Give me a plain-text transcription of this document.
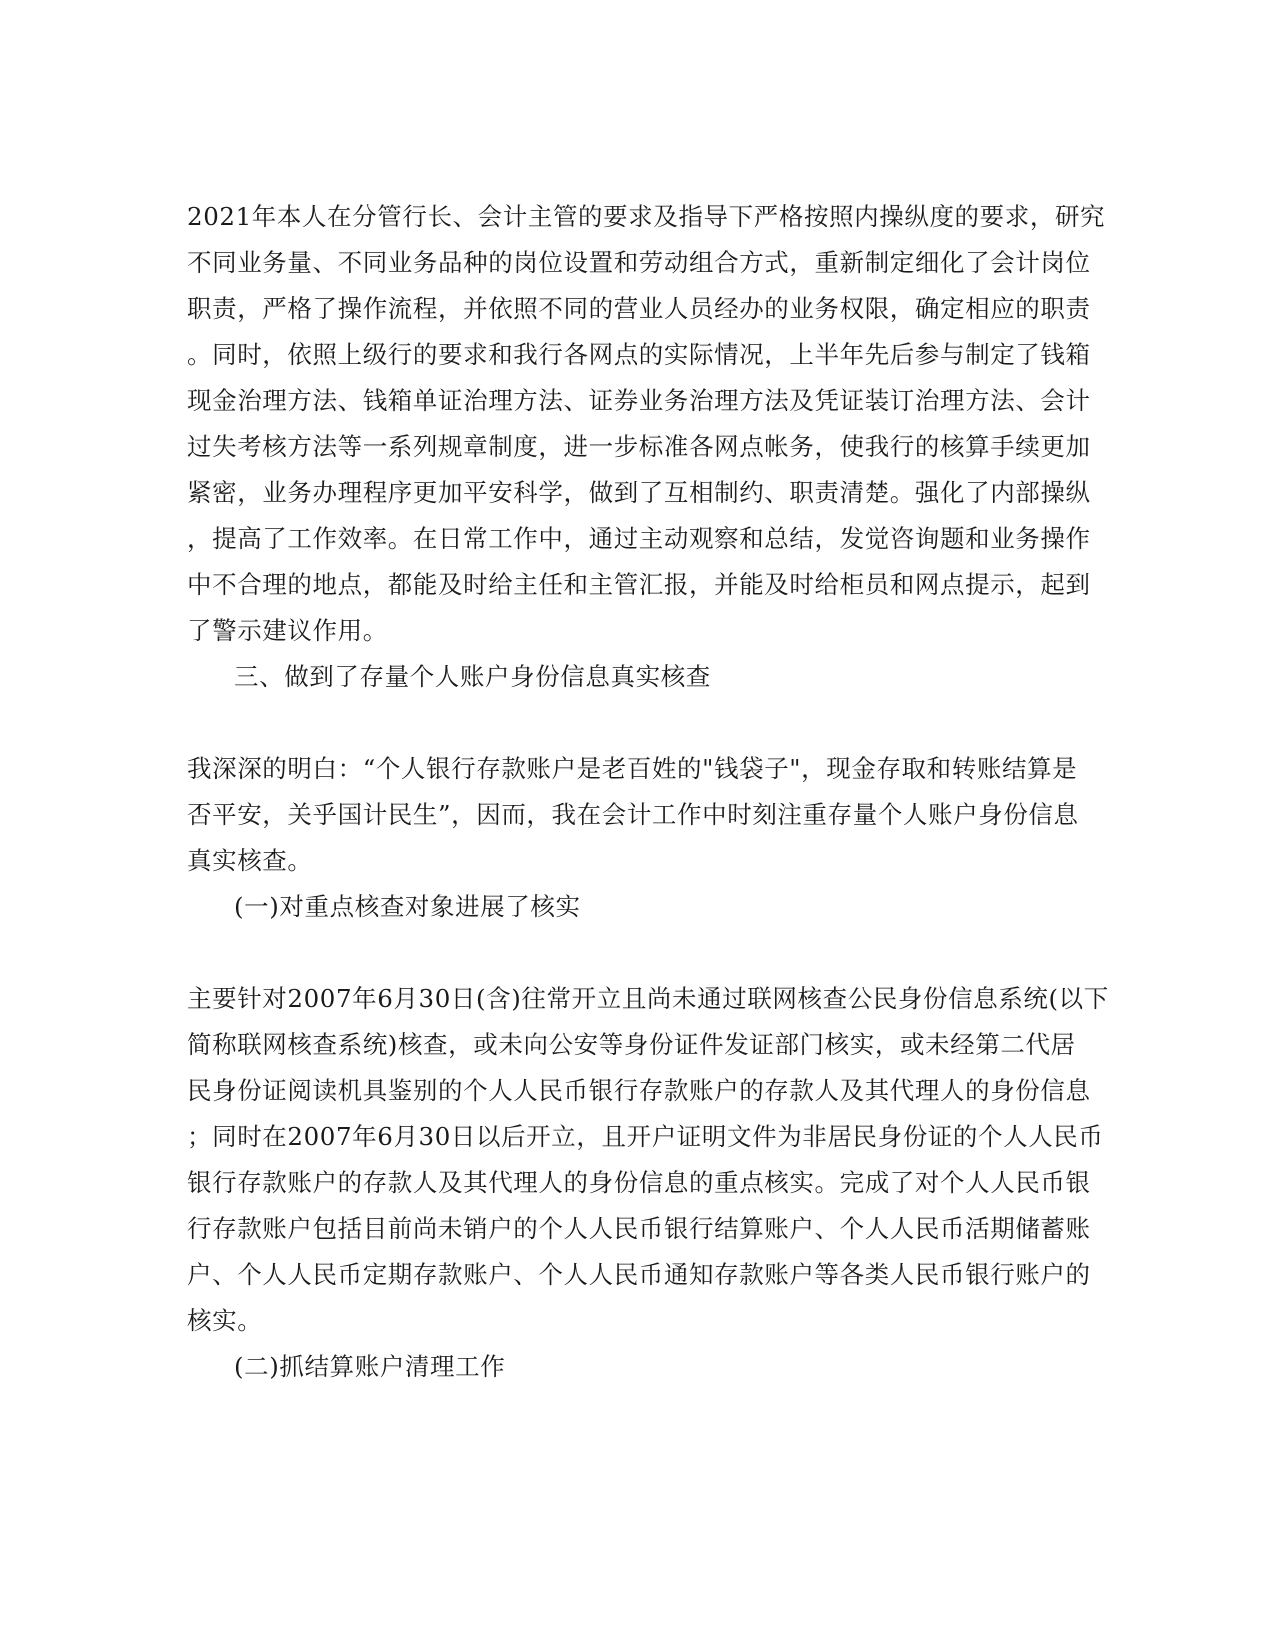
2021年本人在分管行长、会计主管的要求及指导下严格按照内操纵度的要求，研究
不同业务量、不同业务品种的岗位设置和劳动组合方式，重新制定细化了会计岗位
职责，严格了操作流程，并依照不同的营业人员经办的业务权限，确定相应的职责
。同时，依照上级行的要求和我行各网点的实际情况，上半年先后参与制定了钱箱
现金治理方法、钱箱单证治理方法、证券业务治理方法及凭证装订治理方法、会计
过失考核方法等一系列规章制度，进一步标准各网点帐务，使我行的核算手续更加
紧密，业务办理程序更加平安科学，做到了互相制约、职责清楚。强化了内部操纵
，提高了工作效率。在日常工作中，通过主动观察和总结，发觉咨询题和业务操作
中不合理的地点，都能及时给主任和主管汇报，并能及时给柜员和网点提示，起到
了警示建议作用。
三、做到了存量个人账户身份信息真实核查
我深深的明白：“个人银行存款账户是老百姓的"钱袋子"，现金存取和转账结算是
否平安，关乎国计民生”，因而，我在会计工作中时刻注重存量个人账户身份信息
真实核查。
(一)对重点核查对象进展了核实
主要针对2007年6月30日(含)往常开立且尚未通过联网核查公民身份信息系统(以下
简称联网核查系统)核查，或未向公安等身份证件发证部门核实，或未经第二代居
民身份证阅读机具鉴别的个人人民币银行存款账户的存款人及其代理人的身份信息
；同时在2007年6月30日以后开立，且开户证明文件为非居民身份证的个人人民币
银行存款账户的存款人及其代理人的身份信息的重点核实。完成了对个人人民币银
行存款账户包括目前尚未销户的个人人民币银行结算账户、个人人民币活期储蓄账
户、个人人民币定期存款账户、个人人民币通知存款账户等各类人民币银行账户的
核实。
(二)抓结算账户清理工作
